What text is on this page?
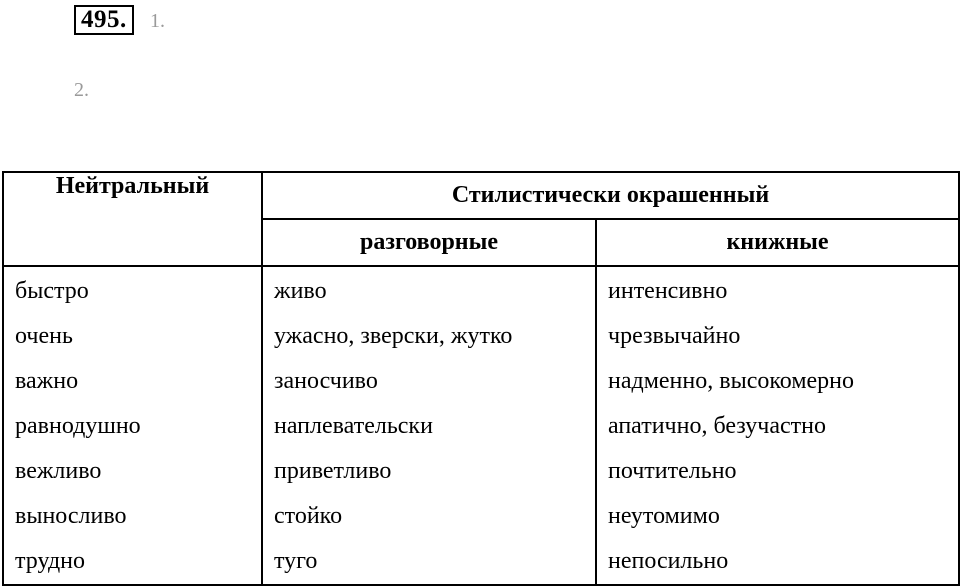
495.	1.
2.
Нейтральный	Стилистически окрашенный	
	разговорные	книжные
быстро	живо	интенсивно
очень	ужасно, зверски, жутко	чрезвычайно
важно	заносчиво	надменно, высокомерно
равнодушно	наплевательски	апатично, безучастно
вежливо	приветливо	почтительно
выносливо	стойко	неутомимо
трудно	туго	непосильно
